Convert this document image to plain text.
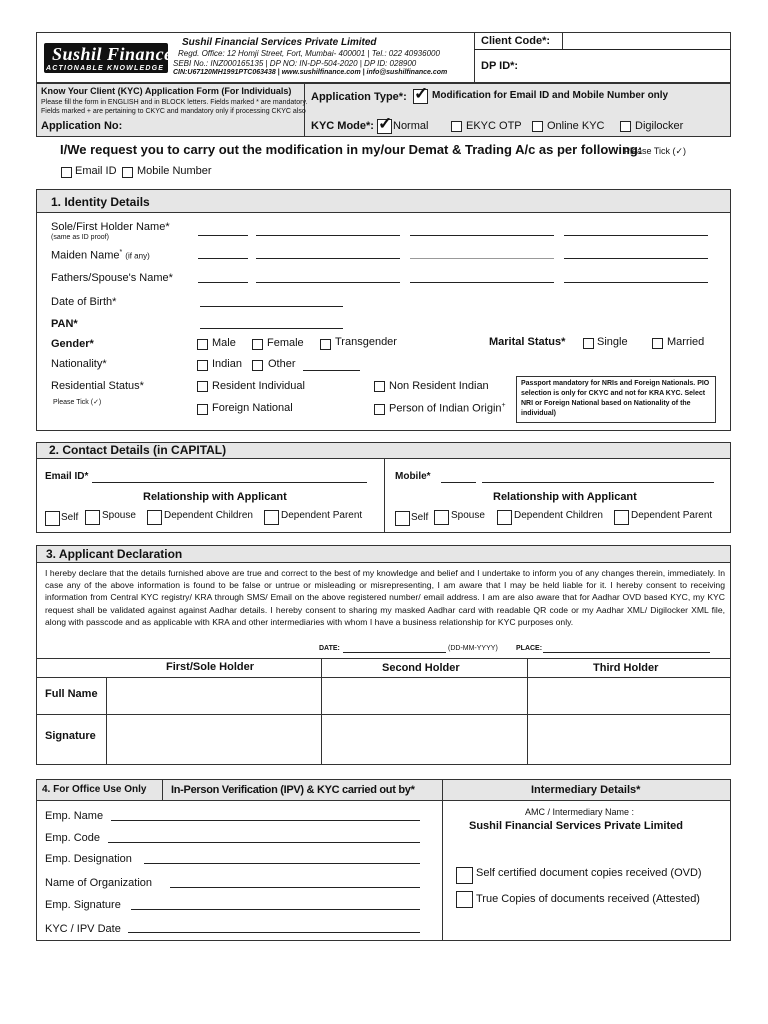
Sushil Finance
ACTIONABLE KNOWLEDGE
Sushil Financial Services Private Limited
Regd. Office: 12 Homji Street, Fort, Mumbai- 400001 | Tel.: 022 40936000
SEBI No.: INZ000165135 | DP NO: IN-DP-504-2020 | DP ID: 028900
CIN:U67120MH1991PTC063438 | www.sushilfinance.com | info@sushilfinance.com
Client Code*:
DP ID*:
Know Your Client (KYC) Application Form (For Individuals)
Please fill the form in ENGLISH and in BLOCK letters. Fields marked * are mandatory.
Fields marked + are pertaining to CKYC and mandatory only if processing CKYC also
Application No:
Application Type*: ✓ Modification for Email ID and Mobile Number only
KYC Mode*: ✓ Normal	EKYC OTP Online KYC	Digilocker
I/We request you to carry out the modification in my/our Demat & Trading A/c as per following:
Please Tick (✓)
Email ID Mobile Number
1. Identity Details
Sole/First Holder Name*
(same as ID proof)
Maiden Name* (if any)
Fathers/Spouse's Name*
Date of Birth*
PAN*
Gender*	Male	Female	Transgender	Marital Status*	Single	Married
Nationality*	Indian Other
Residential Status*
Please Tick (✓)
Resident Individual	Non Resident Indian
Foreign National	Person of Indian Origin+
Passport mandatory for NRIs and Foreign Nationals. PIO selection is only for CKYC and not for KRA KYC. Select NRI or Foreign National based on Nationality of the individual)
2. Contact Details (in CAPITAL)
Email ID*
Relationship with Applicant
Self Spouse	Dependent Children	Dependent Parent
Mobile*
Relationship with Applicant
Self Spouse	Dependent Children	Dependent Parent
3. Applicant Declaration
I hereby declare that the details furnished above are true and correct to the best of my knowledge and belief and I undertake to inform you of any changes therein, immediately. In case any of the above information is found to be false or untrue or misleading or misrepresenting, I am aware that I may be held liable for it. I hereby consent to receiving information from Central KYC registry/ KRA through SMS/ Email on the above registered number/ email address. I am are also aware that for Aadhar OVD based KYC, my KYC request shall be validated against against Aadhar details. I hereby consent to sharing my masked Aadhar card with readable QR code or my Aadhar XML/ Digilocker XML file, along with passcode and as applicable with KRA and other intermediaries with whom I have a business relationship for KYC purposes only.
DATE:	(DD-MM-YYYY)	PLACE:
First/Sole Holder	Second Holder	Third Holder
Full Name
Signature
4. For Office Use Only In-Person Verification (IPV) & KYC carried out by*	Intermediary Details*
Emp. Name
Emp. Code
Emp. Designation
Name of Organization
Emp. Signature
KYC / IPV Date
AMC / Intermediary Name :
Sushil Financial Services Private Limited
Self certified document copies received (OVD)
True Copies of documents received (Attested)
